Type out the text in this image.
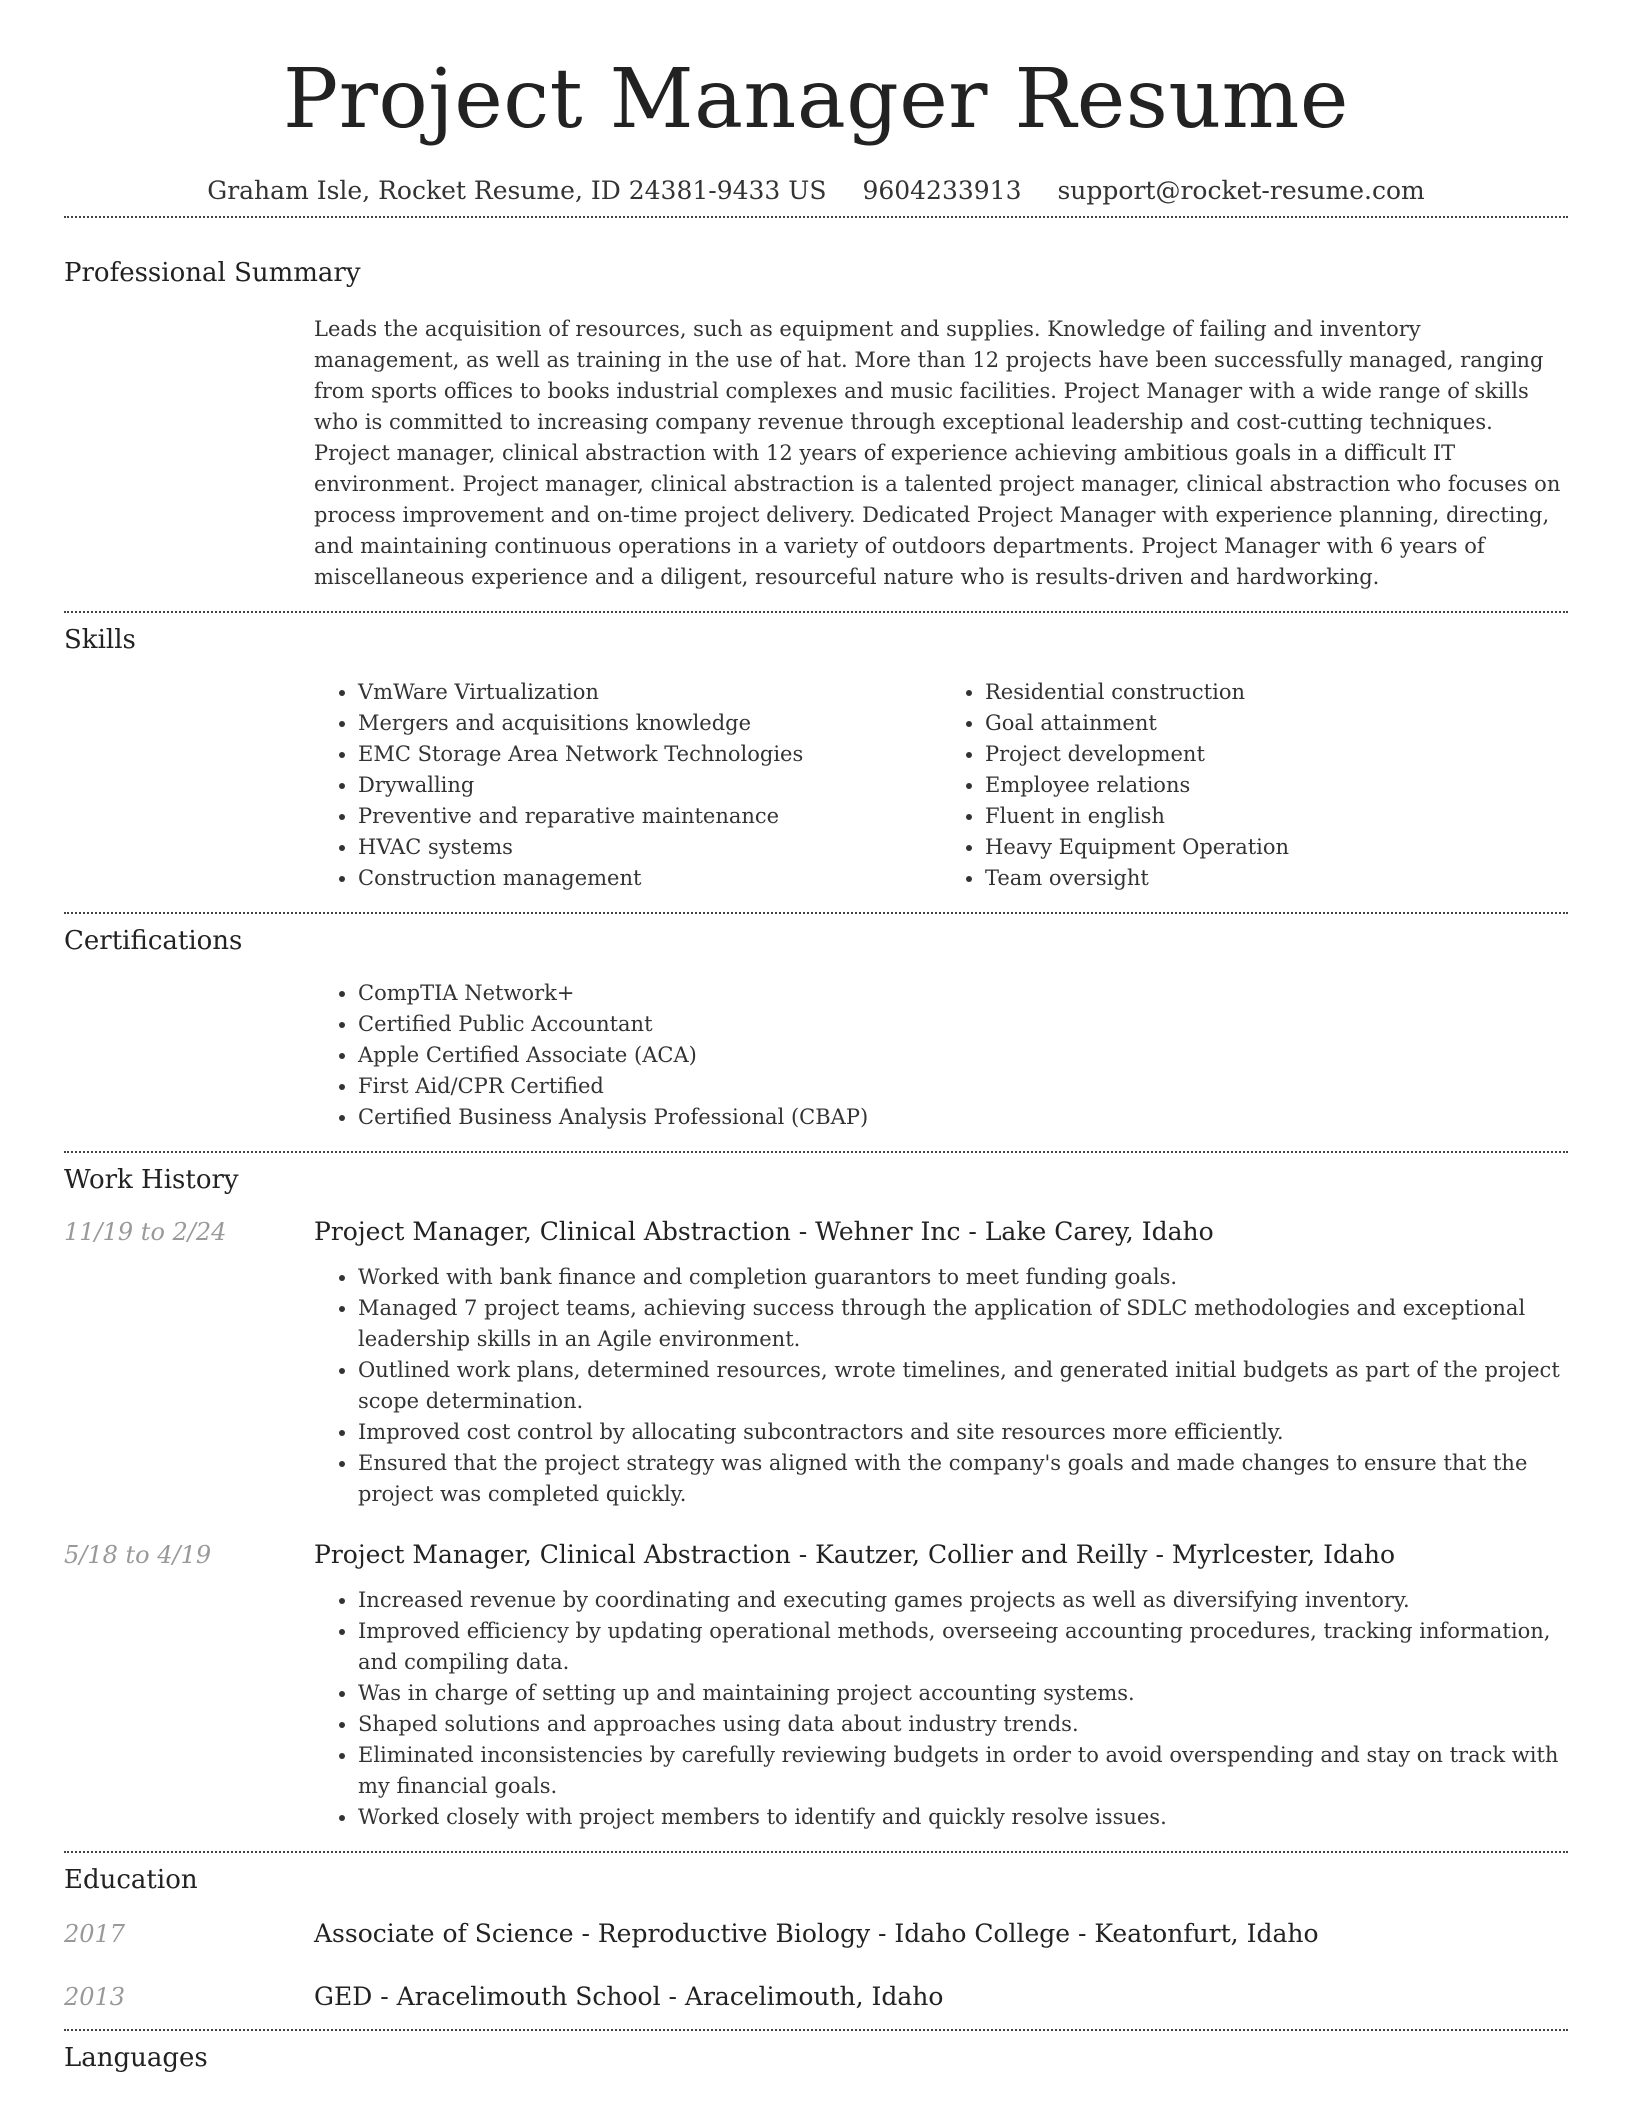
Project Manager Resume
Graham Isle, Rocket Resume, ID 24381-9433 US 9604233913 support@rocket-resume.com
Professional Summary
Leads the acquisition of resources, such as equipment and supplies. Knowledge of failing and inventory management, as well as training in the use of hat. More than 12 projects have been successfully managed, ranging from sports offices to books industrial complexes and music facilities. Project Manager with a wide range of skills who is committed to increasing company revenue through exceptional leadership and cost-cutting techniques. Project manager, clinical abstraction with 12 years of experience achieving ambitious goals in a difficult IT environment. Project manager, clinical abstraction is a talented project manager, clinical abstraction who focuses on process improvement and on-time project delivery. Dedicated Project Manager with experience planning, directing, and maintaining continuous operations in a variety of outdoors departments. Project Manager with 6 years of miscellaneous experience and a diligent, resourceful nature who is results-driven and hardworking.
Skills
• VmWare Virtualization
• Mergers and acquisitions knowledge
• EMC Storage Area Network Technologies
• Drywalling
• Preventive and reparative maintenance
• HVAC systems
• Construction management
• Residential construction
• Goal attainment
• Project development
• Employee relations
• Fluent in english
• Heavy Equipment Operation
• Team oversight
Certifications
• CompTIA Network+
• Certified Public Accountant
• Apple Certified Associate (ACA)
• First Aid/CPR Certified
• Certified Business Analysis Professional (CBAP)
Work History
11/19 to 2/24	Project Manager, Clinical Abstraction - Wehner Inc - Lake Carey, Idaho
• Worked with bank finance and completion guarantors to meet funding goals.
• Managed 7 project teams, achieving success through the application of SDLC methodologies and exceptional leadership skills in an Agile environment.
• Outlined work plans, determined resources, wrote timelines, and generated initial budgets as part of the project scope determination.
• Improved cost control by allocating subcontractors and site resources more efficiently.
• Ensured that the project strategy was aligned with the company's goals and made changes to ensure that the project was completed quickly.
5/18 to 4/19	Project Manager, Clinical Abstraction - Kautzer, Collier and Reilly - Myrlcester, Idaho
• Increased revenue by coordinating and executing games projects as well as diversifying inventory.
• Improved efficiency by updating operational methods, overseeing accounting procedures, tracking information, and compiling data.
• Was in charge of setting up and maintaining project accounting systems.
• Shaped solutions and approaches using data about industry trends.
• Eliminated inconsistencies by carefully reviewing budgets in order to avoid overspending and stay on track with my financial goals.
• Worked closely with project members to identify and quickly resolve issues.
Education
2017	Associate of Science - Reproductive Biology - Idaho College - Keatonfurt, Idaho
2013	GED - Aracelimouth School - Aracelimouth, Idaho
Languages
